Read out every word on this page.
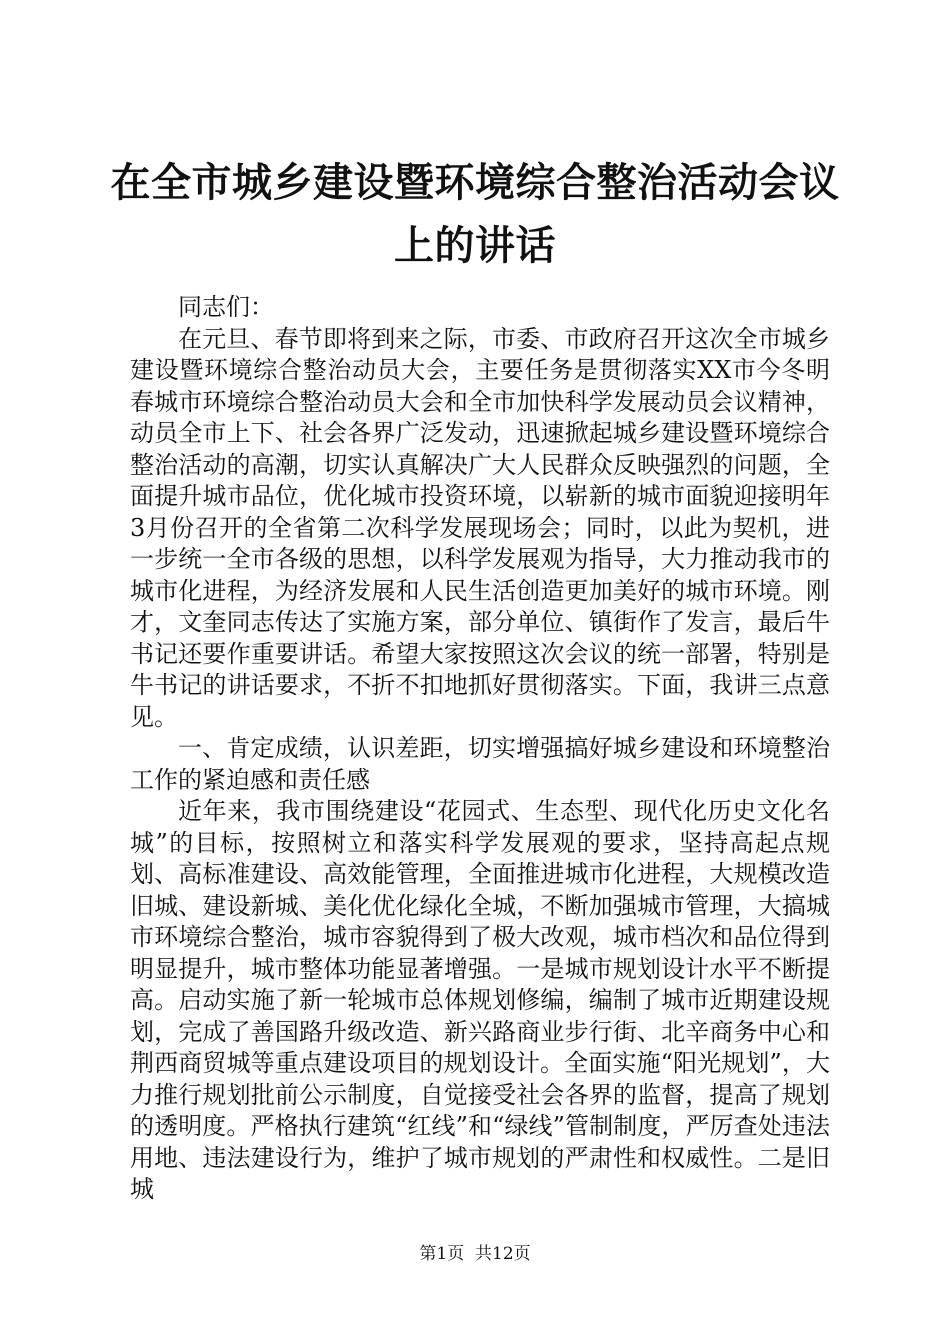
在全市城乡建设暨环境综合整治活动会议上的讲话

同志们：

在元旦、春节即将到来之际，市委、市政府召开这次全市城乡建设暨环境综合整治动员大会，主要任务是贯彻落实XX市今冬明春城市环境综合整治动员大会和全市加快科学发展动员会议精神，动员全市上下、社会各界广泛发动，迅速掀起城乡建设暨环境综合整治活动的高潮，切实认真解决广大人民群众反映强烈的问题，全面提升城市品位，优化城市投资环境，以崭新的城市面貌迎接明年3月份召开的全省第二次科学发展现场会；同时，以此为契机，进一步统一全市各级的思想，以科学发展观为指导，大力推动我市的城市化进程，为经济发展和人民生活创造更加美好的城市环境。刚才，文奎同志传达了实施方案，部分单位、镇街作了发言，最后牛书记还要作重要讲话。希望大家按照这次会议的统一部署，特别是牛书记的讲话要求，不折不扣地抓好贯彻落实。下面，我讲三点意见。

一、肯定成绩，认识差距，切实增强搞好城乡建设和环境整治工作的紧迫感和责任感

近年来，我市围绕建设“花园式、生态型、现代化历史文化名城”的目标，按照树立和落实科学发展观的要求，坚持高起点规划、高标准建设、高效能管理，全面推进城市化进程，大规模改造旧城、建设新城、美化优化绿化全城，不断加强城市管理，大搞城市环境综合整治，城市容貌得到了极大改观，城市档次和品位得到明显提升，城市整体功能显著增强。一是城市规划设计水平不断提高。启动实施了新一轮城市总体规划修编，编制了城市近期建设规划，完成了善国路升级改造、新兴路商业步行街、北辛商务中心和荆西商贸城等重点建设项目的规划设计。全面实施“阳光规划”，大力推行规划批前公示制度，自觉接受社会各界的监督，提高了规划的透明度。严格执行建筑“红线”和“绿线”管制制度，严厉查处违法用地、违法建设行为，维护了城市规划的严肃性和权威性。二是旧城

第1页  共12页
